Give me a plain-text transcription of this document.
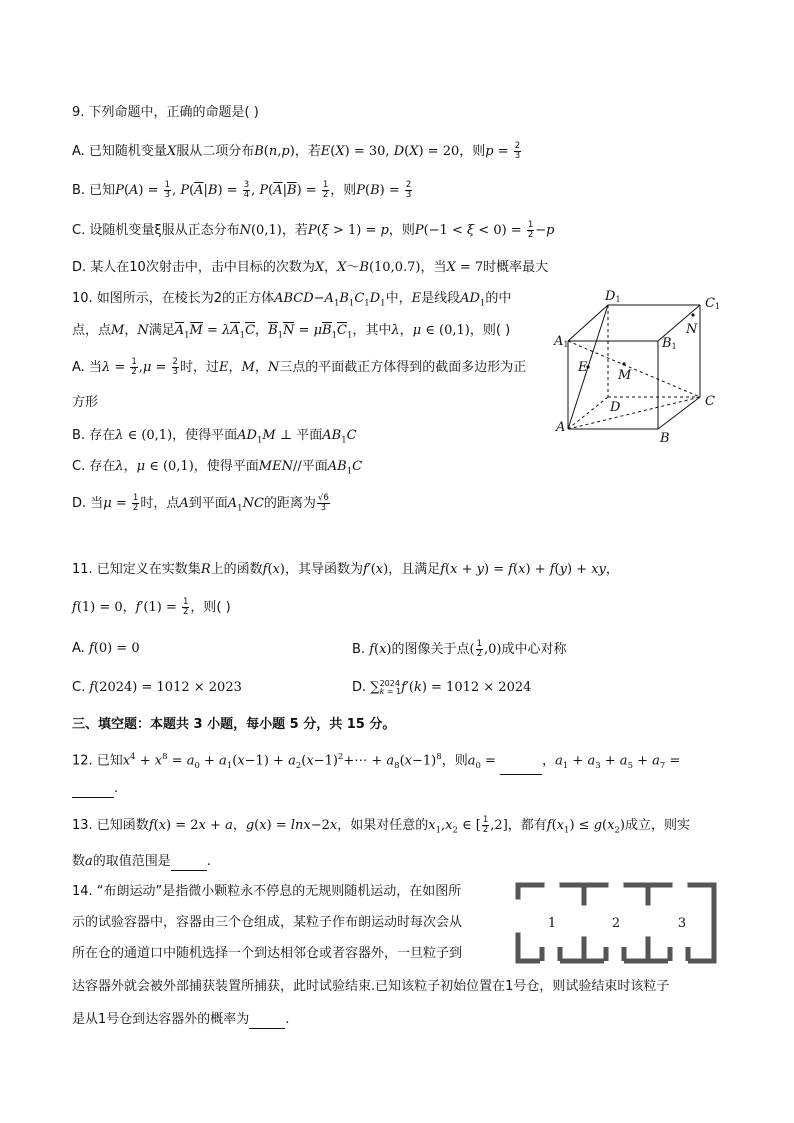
9. 下列命题中，正确的命题是( )
A. 已知随机变量X服从二项分布B(n,p)，若E(X) = 30, D(X) = 20，则$p = \frac{2}{3}$
B. 已知$P(A) = \frac{1}{3}$ , $P(\overline{A}|B) = \frac{3}{4}$ , $P(\overline{A}|\overline{B}) = \frac{1}{2}$ ，则$P(B) = \frac{2}{3}$
C. 设随机变量ξ服从正态分布N(0,1)，若P(ξ > 1) = p，则$P(-1 < \xi < 0) = \frac{1}{2} -p$
D. 某人在10次射击中，击中目标的次数为X，X～B(10,0.7)，当X = 7时概率最大
10. 如图所示，在棱长为2的正方体$ABCD-A_1B_1C_1D_1$中，E是线段$AD_1$的中
点，点M，N满足$A_1M = \lambda A_1C$，$B_1N = \mu B_1C_1$，其中λ，μ ∈ (0,1)，则( )
A. 当$\lambda = \frac{1}{2} ,\mu = \frac{2}{3}$ 时，过E，M，N三点的平面截正方体得到的截面多边形为正
方形
B. 存在λ ∈ (0,1)，使得平面$AD_1M$ ⊥ 平面$AB_1C$
C. 存在λ，μ ∈ (0,1)，使得平面MEN//平面$AB_1C$
D. 当$\mu = \frac{1}{2}$ 时，点A到平面$A_1NC$的距离为 $\frac{√6}{3}$
D1	C1
A1	B1
N
E
M
D	C
A
B
11. 已知定义在实数集R上的函数f(x)，其导函数为f′(x)，且满足f(x + y) = f(x) + f(y) + xy，
f(1) = 0，$f'(1) = \frac{1}{2}$ ，则( )
A. f(0) = 0	B. f(x)的图像关于点( $\frac{1}{2} ,0$)成中心对称
C. f(2024) = 1012 × 2023	D. ∑ 2024
k = 1 f′(k) = 1012 × 2024
三、填空题：本题共 3 小题，每小题 5 分，共 15 分。
12. 已知$x^4 + x^8 = a_0 + a_1(x-1)$ + $a_2(x-1)^2+\cdots + a_8(x-1)^8$，则$a_0$ =	，$a_1 + a_3 + a_5 + a_7$ =
.
13. 已知函数f(x) = 2x + a，g(x) = lnx−2x，如果对任意的$x_1,x_2$ ∈ [ $\frac{1}{2} ,2$]，都有$f(x_1) \le g(x_2)$成立，则实
数a的取值范围是	.
14. “布朗运动”是指微小颗粒永不停息的无规则随机运动，在如图所
示的试验容器中，容器由三个仓组成，某粒子作布朗运动时每次会从
所在仓的通道口中随机选择一个到达相邻仓或者容器外，一旦粒子到
达容器外就会被外部捕获装置所捕获，此时试验结束.已知该粒子初始位置在1号仓，则试验结束时该粒子
是从1号仓到达容器外的概率为	.
1	2	3
